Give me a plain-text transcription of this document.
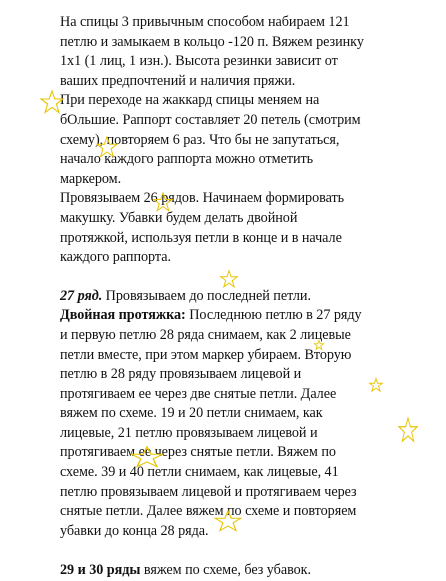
На спицы 3 привычным способом набираем 121

петлю и замыкаем в кольцо -120 п. Вяжем резинку

1х1 (1 лиц, 1 изн.). Высота резинки зависит от

ваших предпочтений и наличия пряжи.

При переходе на жаккард спицы меняем на

бОльшие. Раппорт составляет 20 петель (смотрим

схему), повторяем 6 раз. Что бы не запутаться,

начало каждого раппорта можно отметить

маркером.

Провязываем 26 рядов. Начинаем формировать

макушку. Убавки будем делать двойной

протяжкой, используя петли в конце и в начале

каждого раппорта.

27 ряд. Провязываем до последней петли.

Двойная протяжка: Последнюю петлю в 27 ряду

и первую петлю 28 ряда снимаем, как 2 лицевые

петли вместе, при этом маркер убираем. Вторую

петлю в 28 ряду провязываем лицевой и

протягиваем ее через две снятые петли. Далее

вяжем по схеме. 19 и 20 петли снимаем, как

лицевые, 21 петлю провязываем лицевой и

протягиваем ее через снятые петли. Вяжем по

схеме. 39 и 40 петли снимаем, как лицевые, 41

петлю провязываем лицевой и протягиваем через

снятые петли. Далее вяжем по схеме и повторяем

убавки до конца 28 ряда.

29 и 30 ряды вяжем по схеме, без убавок.
